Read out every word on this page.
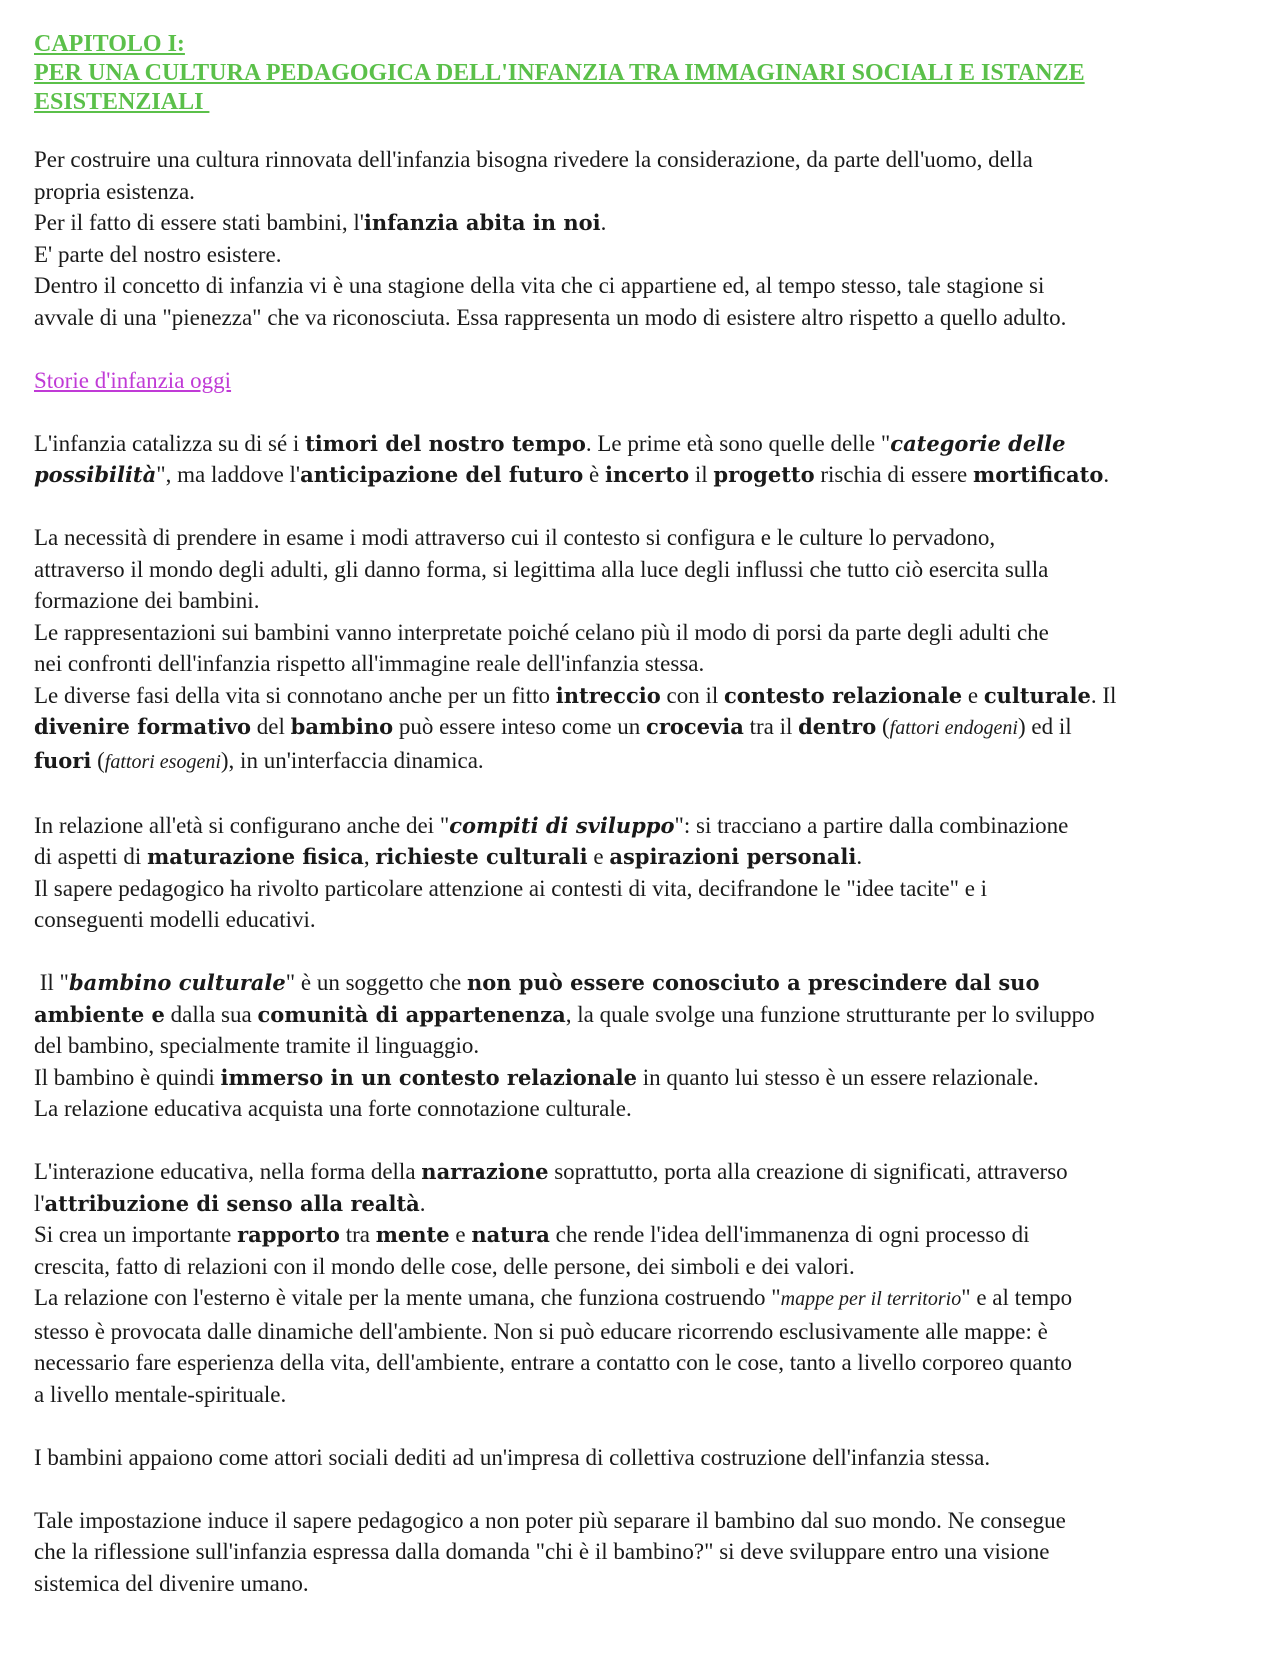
CAPITOLO I:
PER UNA CULTURA PEDAGOGICA DELL'INFANZIA TRA IMMAGINARI SOCIALI E ISTANZE
ESISTENZIALI
Per costruire una cultura rinnovata dell'infanzia bisogna rivedere la considerazione, da parte dell'uomo, della
propria esistenza.
Per il fatto di essere stati bambini, l'infanzia abita in noi.
E' parte del nostro esistere.
Dentro il concetto di infanzia vi è una stagione della vita che ci appartiene ed, al tempo stesso, tale stagione si
avvale di una "pienezza" che va riconosciuta. Essa rappresenta un modo di esistere altro rispetto a quello adulto.
Storie d'infanzia oggi
L'infanzia catalizza su di sé i timori del nostro tempo. Le prime età sono quelle delle "categorie delle
possibilità", ma laddove l'anticipazione del futuro è incerto il progetto rischia di essere mortificato.
La necessità di prendere in esame i modi attraverso cui il contesto si configura e le culture lo pervadono,
attraverso il mondo degli adulti, gli danno forma, si legittima alla luce degli influssi che tutto ciò esercita sulla
formazione dei bambini.
Le rappresentazioni sui bambini vanno interpretate poiché celano più il modo di porsi da parte degli adulti che
nei confronti dell'infanzia rispetto all'immagine reale dell'infanzia stessa.
Le diverse fasi della vita si connotano anche per un fitto intreccio con il contesto relazionale e culturale. Il
divenire formativo del bambino può essere inteso come un crocevia tra il dentro (fattori endogeni) ed il
fuori (fattori esogeni), in un'interfaccia dinamica.
In relazione all'età si configurano anche dei "compiti di sviluppo": si tracciano a partire dalla combinazione
di aspetti di maturazione fisica, richieste culturali e aspirazioni personali.
Il sapere pedagogico ha rivolto particolare attenzione ai contesti di vita, decifrandone le "idee tacite" e i
conseguenti modelli educativi.
Il "bambino culturale" è un soggetto che non può essere conosciuto a prescindere dal suo
ambiente e dalla sua comunità di appartenenza, la quale svolge una funzione strutturante per lo sviluppo
del bambino, specialmente tramite il linguaggio.
Il bambino è quindi immerso in un contesto relazionale in quanto lui stesso è un essere relazionale.
La relazione educativa acquista una forte connotazione culturale.
L'interazione educativa, nella forma della narrazione soprattutto, porta alla creazione di significati, attraverso
l'attribuzione di senso alla realtà.
Si crea un importante rapporto tra mente e natura che rende l'idea dell'immanenza di ogni processo di
crescita, fatto di relazioni con il mondo delle cose, delle persone, dei simboli e dei valori.
La relazione con l'esterno è vitale per la mente umana, che funziona costruendo "mappe per il territorio" e al tempo
stesso è provocata dalle dinamiche dell'ambiente. Non si può educare ricorrendo esclusivamente alle mappe: è
necessario fare esperienza della vita, dell'ambiente, entrare a contatto con le cose, tanto a livello corporeo quanto
a livello mentale-spirituale.
I bambini appaiono come attori sociali dediti ad un'impresa di collettiva costruzione dell'infanzia stessa.
Tale impostazione induce il sapere pedagogico a non poter più separare il bambino dal suo mondo. Ne consegue
che la riflessione sull'infanzia espressa dalla domanda "chi è il bambino?" si deve sviluppare entro una visione
sistemica del divenire umano.
